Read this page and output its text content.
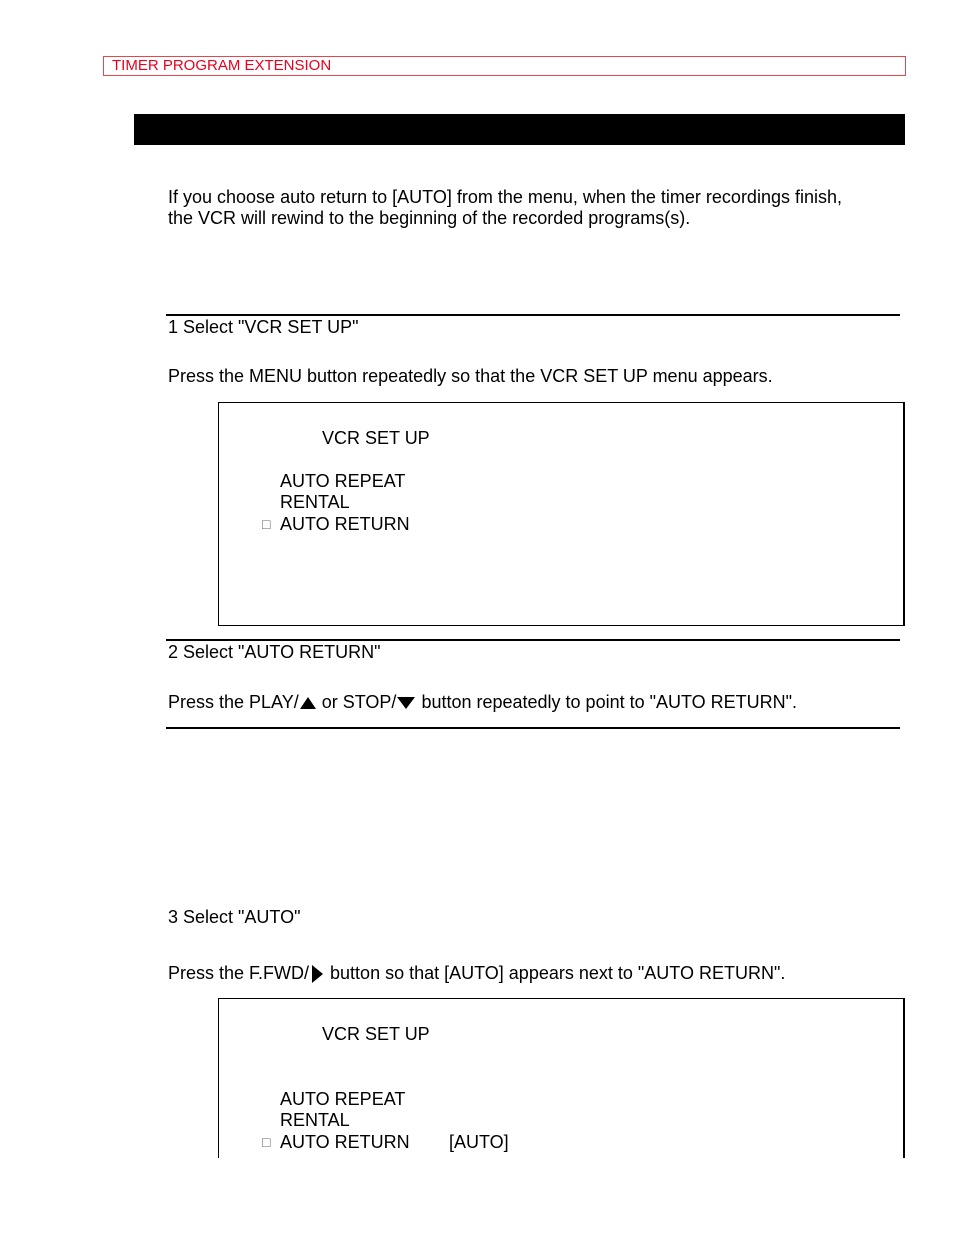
TIMER PROGRAM EXTENSION
If you choose auto return to [AUTO] from the menu, when the timer recordings finish,
the VCR will rewind to the beginning of the recorded programs(s).
1 Select "VCR SET UP"
Press the MENU button repeatedly so that the VCR SET UP menu appears.
VCR SET UP
AUTO REPEAT
RENTAL
□ AUTO RETURN
2 Select "AUTO RETURN"
Press the PLAY/ or STOP/ button repeatedly to point to "AUTO RETURN".
3 Select "AUTO"
Press the F.FWD/ button so that [AUTO] appears next to "AUTO RETURN".
VCR SET UP
AUTO REPEAT
RENTAL
□ AUTO RETURN [AUTO]
